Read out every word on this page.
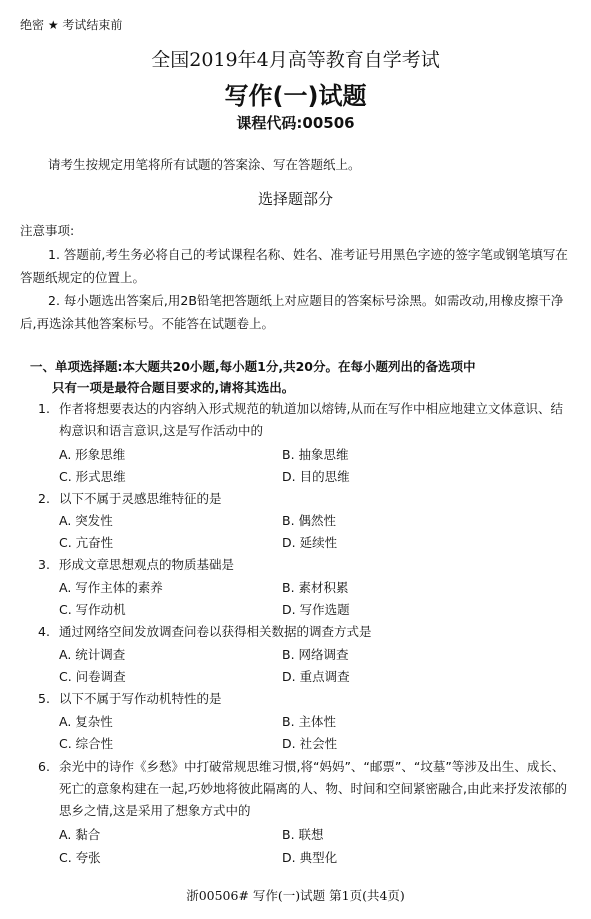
绝密 ★ 考试结束前
全国2019年4月高等教育自学考试
写作(一)试题
课程代码:00506
请考生按规定用笔将所有试题的答案涂、写在答题纸上。
选择题部分
注意事项:
1. 答题前,考生务必将自己的考试课程名称、姓名、准考证号用黑色字迹的签字笔或钢笔填写在答题纸规定的位置上。
2. 每小题选出答案后,用2B铅笔把答题纸上对应题目的答案标号涂黑。如需改动,用橡皮擦干净后,再选涂其他答案标号。不能答在试题卷上。
一、单项选择题:本大题共20小题,每小题1分,共20分。在每小题列出的备选项中
只有一项是最符合题目要求的,请将其选出。
1. 作者将想要表达的内容纳入形式规范的轨道加以熔铸,从而在写作中相应地建立文体意识、结构意识和语言意识,这是写作活动中的
A. 形象思维	B. 抽象思维
C. 形式思维	D. 目的思维
2. 以下不属于灵感思维特征的是
A. 突发性	B. 偶然性
C. 亢奋性	D. 延续性
3. 形成文章思想观点的物质基础是
A. 写作主体的素养	B. 素材积累
C. 写作动机	D. 写作选题
4. 通过网络空间发放调查问卷以获得相关数据的调查方式是
A. 统计调查	B. 网络调查
C. 问卷调查	D. 重点调查
5. 以下不属于写作动机特性的是
A. 复杂性	B. 主体性
C. 综合性	D. 社会性
6. 余光中的诗作《乡愁》中打破常规思维习惯,将“妈妈”、“邮票”、“坟墓”等涉及出生、成长、死亡的意象构建在一起,巧妙地将彼此隔离的人、物、时间和空间紧密融合,由此来抒发浓郁的思乡之情,这是采用了想象方式中的
A. 黏合	B. 联想
C. 夸张	D. 典型化
浙00506# 写作(一)试题 第1页(共4页)
